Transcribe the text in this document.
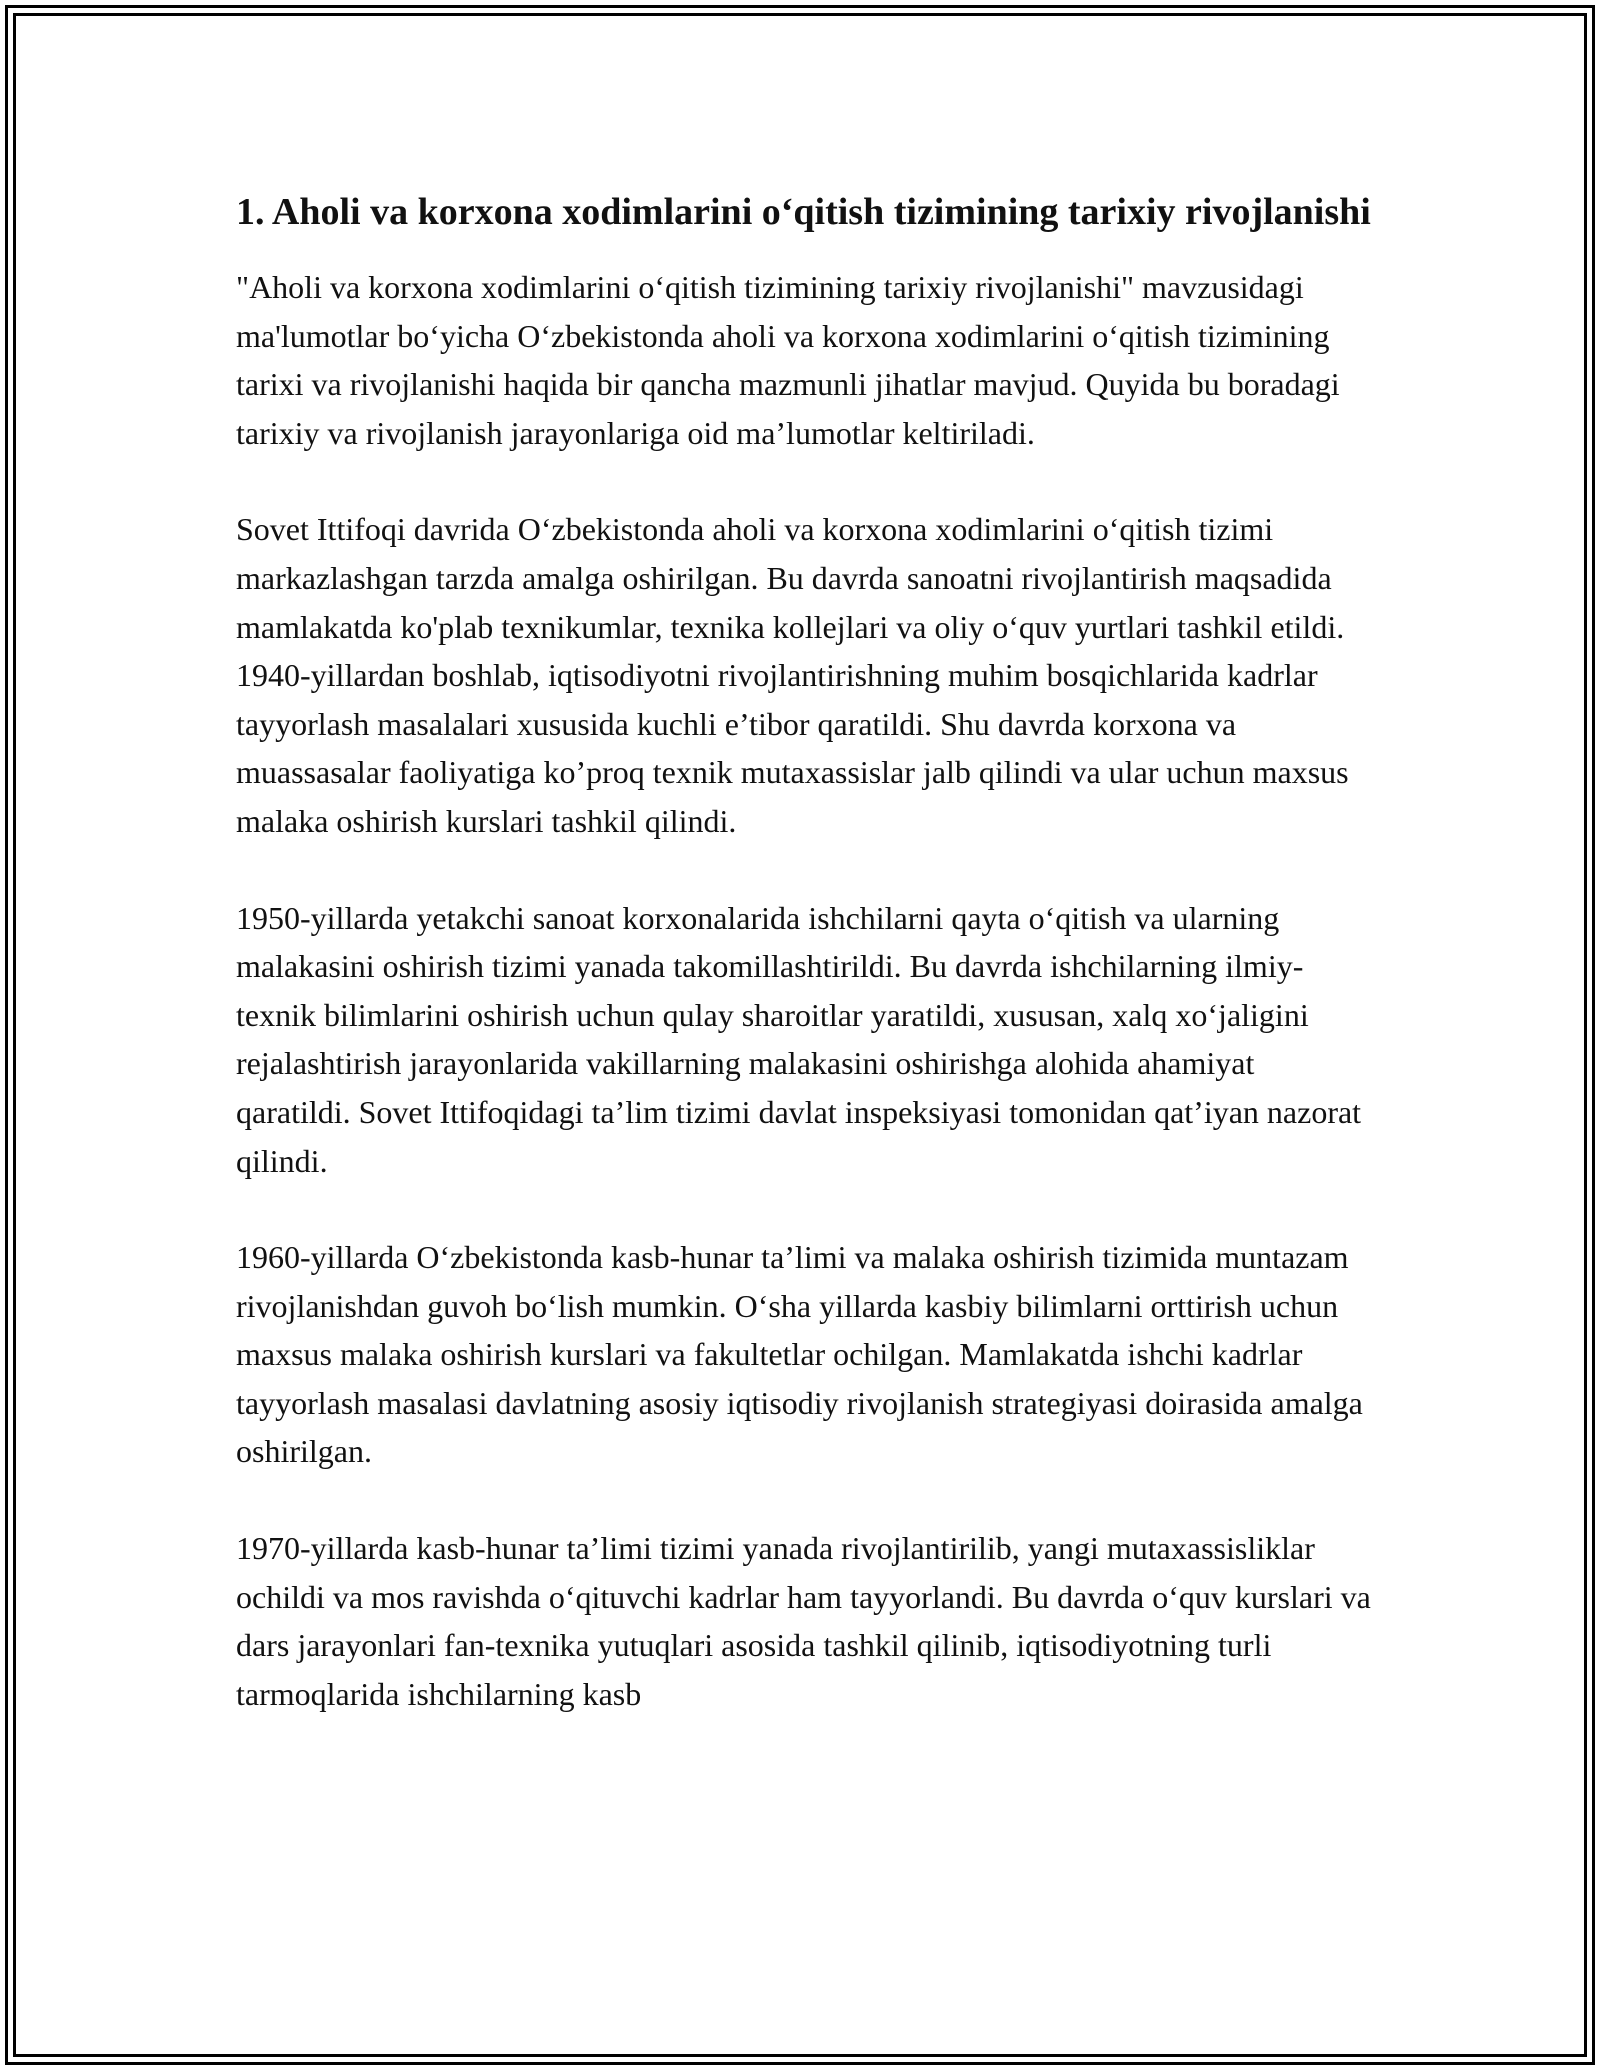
1. Aholi va korxona xodimlarini o‘qitish tizimining tarixiy rivojlanishi

"Aholi va korxona xodimlarini o‘qitish tizimining tarixiy rivojlanishi" mavzusidagi ma'lumotlar bo‘yicha O‘zbekistonda aholi va korxona xodimlarini o‘qitish tizimining tarixi va rivojlanishi haqida bir qancha mazmunli jihatlar mavjud. Quyida bu boradagi tarixiy va rivojlanish jarayonlariga oid ma’lumotlar keltiriladi.

Sovet Ittifoqi davrida O‘zbekistonda aholi va korxona xodimlarini o‘qitish tizimi markazlashgan tarzda amalga oshirilgan. Bu davrda sanoatni rivojlantirish maqsadida mamlakatda ko'plab texnikumlar, texnika kollejlari va oliy o‘quv yurtlari tashkil etildi. 1940-yillardan boshlab, iqtisodiyotni rivojlantirishning muhim bosqichlarida kadrlar tayyorlash masalalari xususida kuchli e’tibor qaratildi. Shu davrda korxona va muassasalar faoliyatiga ko’proq texnik mutaxassislar jalb qilindi va ular uchun maxsus malaka oshirish kurslari tashkil qilindi.

1950-yillarda yetakchi sanoat korxonalarida ishchilarni qayta o‘qitish va ularning malakasini oshirish tizimi yanada takomillashtirildi. Bu davrda ishchilarning ilmiy-texnik bilimlarini oshirish uchun qulay sharoitlar yaratildi, xususan, xalq xo‘jaligini rejalashtirish jarayonlarida vakillarning malakasini oshirishga alohida ahamiyat qaratildi. Sovet Ittifoqidagi ta’lim tizimi davlat inspeksiyasi tomonidan qat’iyan nazorat qilindi.

1960-yillarda O‘zbekistonda kasb-hunar ta’limi va malaka oshirish tizimida muntazam rivojlanishdan guvoh bo‘lish mumkin. O‘sha yillarda kasbiy bilimlarni orttirish uchun maxsus malaka oshirish kurslari va fakultetlar ochilgan. Mamlakatda ishchi kadrlar tayyorlash masalasi davlatning asosiy iqtisodiy rivojlanish strategiyasi doirasida amalga oshirilgan.

1970-yillarda kasb-hunar ta’limi tizimi yanada rivojlantirilib, yangi mutaxassisliklar ochildi va mos ravishda o‘qituvchi kadrlar ham tayyorlandi. Bu davrda o‘quv kurslari va dars jarayonlari fan-texnika yutuqlari asosida tashkil qilinib, iqtisodiyotning turli tarmoqlarida ishchilarning kasb
